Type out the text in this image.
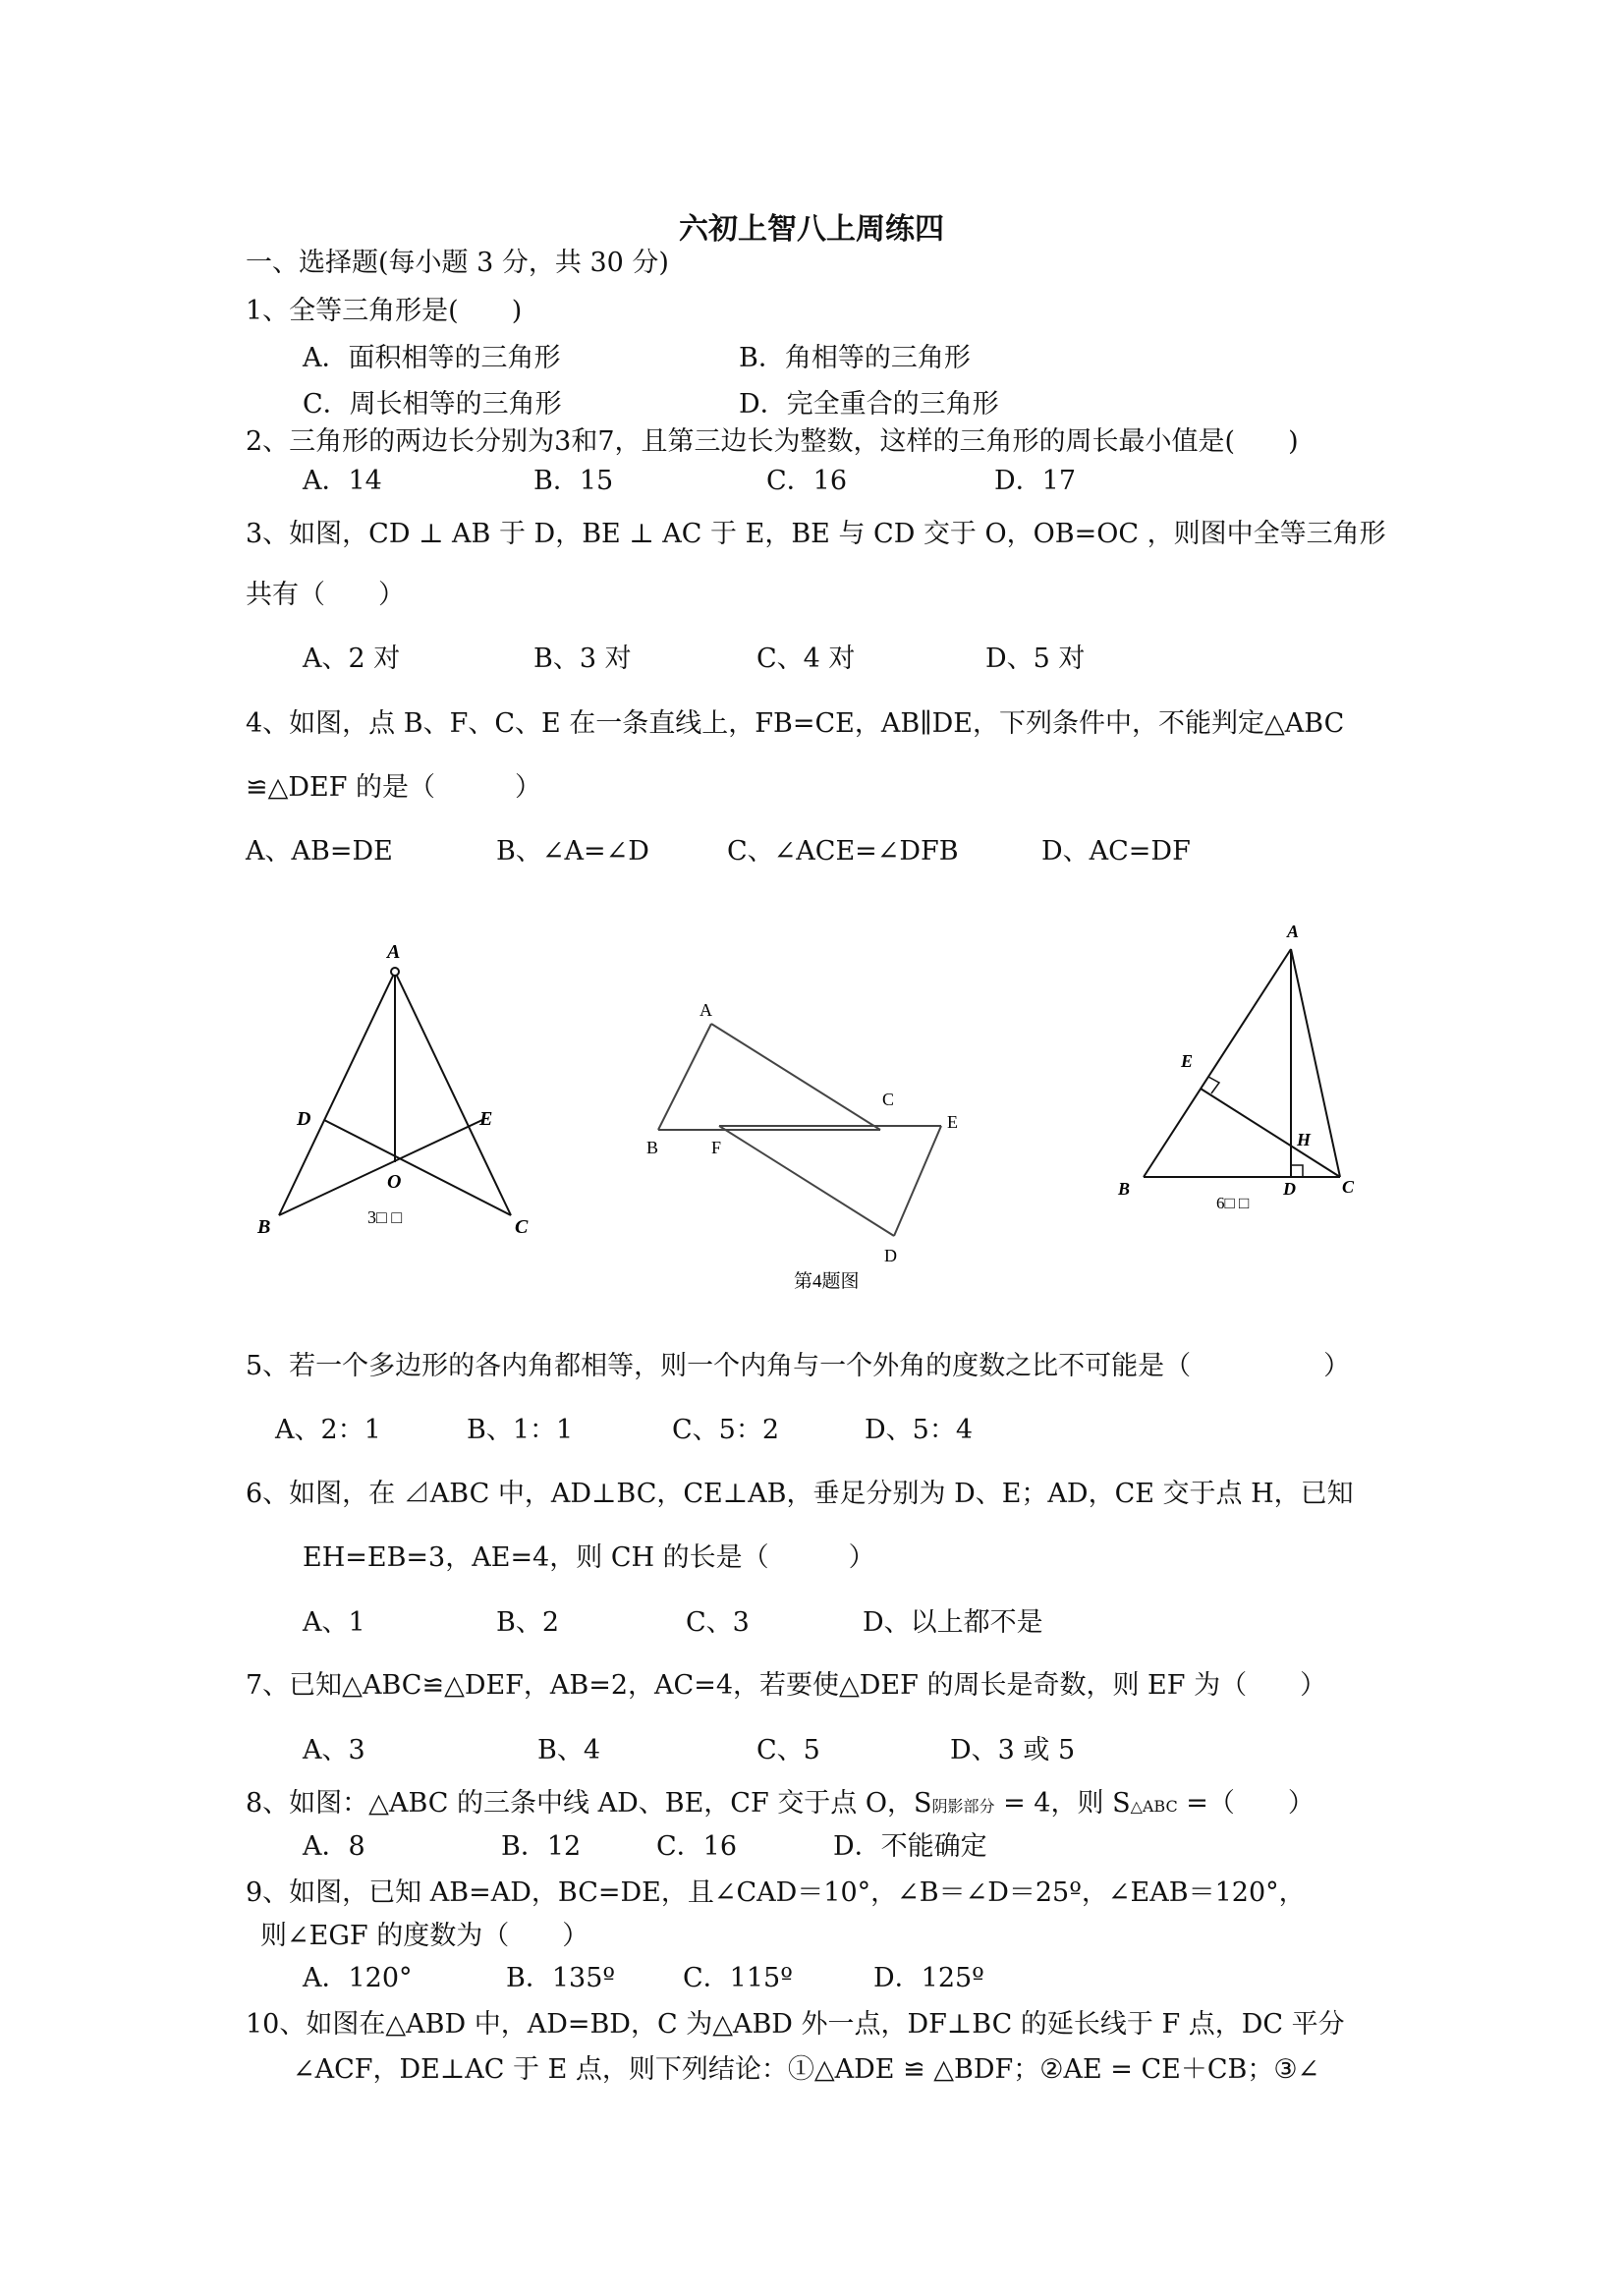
六初上智八上周练四
一、选择题(每小题 3 分，共 30 分)
1、全等三角形是(　　)
A．面积相等的三角形	B．角相等的三角形
C．周长相等的三角形	D．完全重合的三角形
2、三角形的两边长分别为3和7，且第三边长为整数，这样的三角形的周长最小值是(　　)
A．14	B．15	C．16	D．17
3、如图，CD ⊥ AB 于 D，BE ⊥ AC 于 E，BE 与 CD 交于 O，OB=OC ，则图中全等三角形
共有（　　）
A、2 对	B、3 对	C、4 对	D、5 对
4、如图，点 B、F、C、E 在一条直线上，FB=CE，AB∥DE，下列条件中，不能判定△ABC
≌△DEF 的是（　　　）
A、AB=DE	B、∠A=∠D	C、∠ACE=∠DFB	D、AC=DF
A
D	E
O
B	C
3□ □
A
C
E
B	F
D
第4题图
A
E
H
B	D	C
6□ □
5、若一个多边形的各内角都相等，则一个内角与一个外角的度数之比不可能是（　　　　　）
A、2：1	B、1：1	C、5：2	D、5：4
6、如图，在 ⊿ABC 中，AD⊥BC，CE⊥AB，垂足分别为 D、E；AD，CE 交于点 H，已知
EH=EB=3，AE=4，则 CH 的长是（　　　）
A、1	B、2	C、3	D、以上都不是
7、已知△ABC≌△DEF，AB=2，AC=4，若要使△DEF 的周长是奇数，则 EF 为（　　）
A、3	B、4	C、5	D、3 或 5
8、如图：△ABC 的三条中线 AD、BE，CF 交于点 O，S阴影部分 = 4，则 S△ABC =（　　）
A．8	B．12	C．16	D．不能确定
9、如图，已知 AB=AD，BC=DE，且∠CAD＝10°，∠B＝∠D＝25º，∠EAB＝120°，
则∠EGF 的度数为（　　）
A．120°	B．135º	C．115º	D．125º
10、如图在△ABD 中，AD=BD，C 为△ABD 外一点，DF⊥BC 的延长线于 F 点，DC 平分
∠ACF，DE⊥AC 于 E 点，则下列结论：①△ADE ≌ △BDF；②AE = CE＋CB；③∠
